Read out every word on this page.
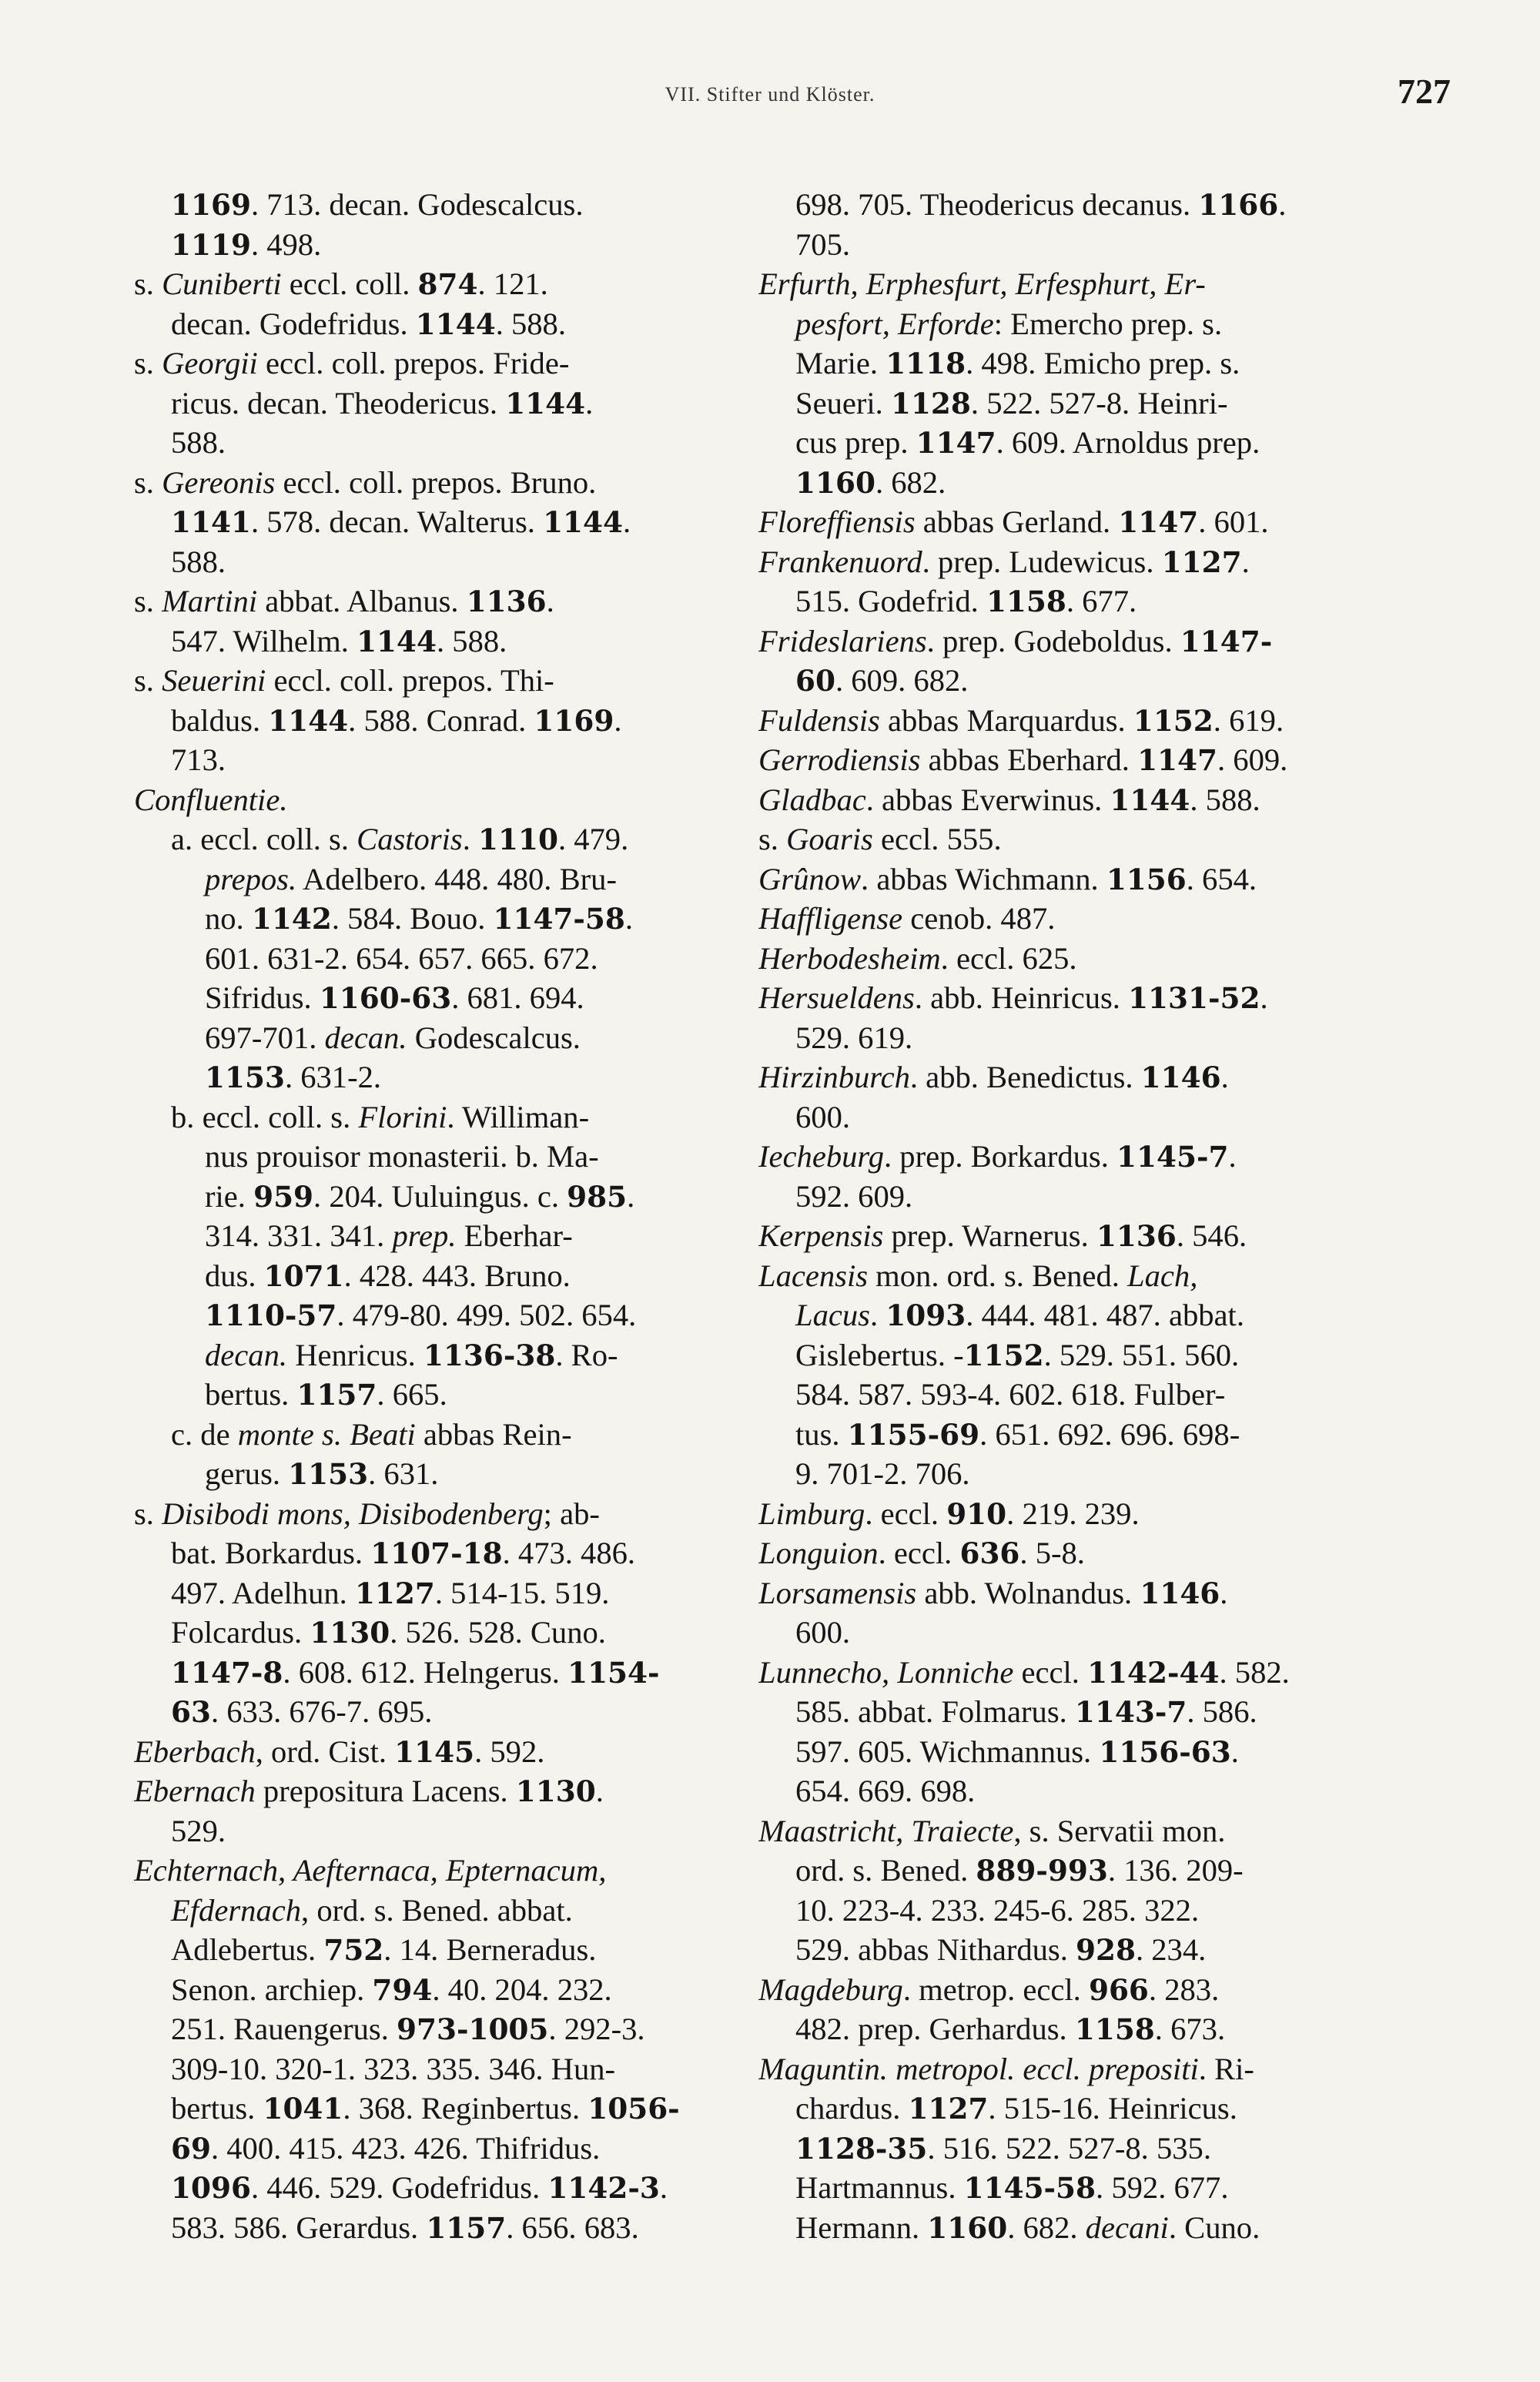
VII. Stifter und Klöster.	727
1169. 713. decan. Godescalcus.
1119. 498.
s. Cuniberti eccl. coll. 874. 121.
decan. Godefridus. 1144. 588.
s. Georgii eccl. coll. prepos. Fride-
ricus. decan. Theodericus. 1144.
588.
s. Gereonis eccl. coll. prepos. Bruno.
1141. 578. decan. Walterus. 1144.
588.
s. Martini abbat. Albanus. 1136.
547. Wilhelm. 1144. 588.
s. Seuerini eccl. coll. prepos. Thi-
baldus. 1144. 588. Conrad. 1169.
713.
Confluentie.
a. eccl. coll. s. Castoris. 1110. 479.
prepos. Adelbero. 448. 480. Bru-
no. 1142. 584. Bouo. 1147-58.
601. 631-2. 654. 657. 665. 672.
Sifridus. 1160-63. 681. 694.
697-701. decan. Godescalcus.
1153. 631-2.
b. eccl. coll. s. Florini. Williman-
nus prouisor monasterii. b. Ma-
rie. 959. 204. Uuluingus. c. 985.
314. 331. 341. prep. Eberhar-
dus. 1071. 428. 443. Bruno.
1110-57. 479-80. 499. 502. 654.
decan. Henricus. 1136-38. Ro-
bertus. 1157. 665.
c. de monte s. Beati abbas Rein-
gerus. 1153. 631.
s. Disibodi mons, Disibodenberg; ab-
bat. Borkardus. 1107-18. 473. 486.
497. Adelhun. 1127. 514-15. 519.
Folcardus. 1130. 526. 528. Cuno.
1147-8. 608. 612. Helngerus. 1154-
63. 633. 676-7. 695.
Eberbach, ord. Cist. 1145. 592.
Ebernach prepositura Lacens. 1130.
529.
Echternach, Aefternaca, Epternacum,
Efdernach, ord. s. Bened. abbat.
Adlebertus. 752. 14. Berneradus.
Senon. archiep. 794. 40. 204. 232.
251. Rauengerus. 973-1005. 292-3.
309-10. 320-1. 323. 335. 346. Hun-
bertus. 1041. 368. Reginbertus. 1056-
69. 400. 415. 423. 426. Thifridus.
1096. 446. 529. Godefridus. 1142-3.
583. 586. Gerardus. 1157. 656. 683.
698. 705. Theodericus decanus. 1166.
705.
Erfurth, Erphesfurt, Erfesphurt, Er-
pesfort, Erforde: Emercho prep. s.
Marie. 1118. 498. Emicho prep. s.
Seueri. 1128. 522. 527-8. Heinri-
cus prep. 1147. 609. Arnoldus prep.
1160. 682.
Floreffiensis abbas Gerland. 1147. 601.
Frankenuord. prep. Ludewicus. 1127.
515. Godefrid. 1158. 677.
Frideslariens. prep. Godeboldus. 1147-
60. 609. 682.
Fuldensis abbas Marquardus. 1152. 619.
Gerrodiensis abbas Eberhard. 1147. 609.
Gladbac. abbas Everwinus. 1144. 588.
s. Goaris eccl. 555.
Grûnow. abbas Wichmann. 1156. 654.
Haffligense cenob. 487.
Herbodesheim. eccl. 625.
Hersueldens. abb. Heinricus. 1131-52.
529. 619.
Hirzinburch. abb. Benedictus. 1146.
600.
Iecheburg. prep. Borkardus. 1145-7.
592. 609.
Kerpensis prep. Warnerus. 1136. 546.
Lacensis mon. ord. s. Bened. Lach,
Lacus. 1093. 444. 481. 487. abbat.
Gislebertus. -1152. 529. 551. 560.
584. 587. 593-4. 602. 618. Fulber-
tus. 1155-69. 651. 692. 696. 698-
9. 701-2. 706.
Limburg. eccl. 910. 219. 239.
Longuion. eccl. 636. 5-8.
Lorsamensis abb. Wolnandus. 1146.
600.
Lunnecho, Lonniche eccl. 1142-44. 582.
585. abbat. Folmarus. 1143-7. 586.
597. 605. Wichmannus. 1156-63.
654. 669. 698.
Maastricht, Traiecte, s. Servatii mon.
ord. s. Bened. 889-993. 136. 209-
10. 223-4. 233. 245-6. 285. 322.
529. abbas Nithardus. 928. 234.
Magdeburg. metrop. eccl. 966. 283.
482. prep. Gerhardus. 1158. 673.
Maguntin. metropol. eccl. prepositi. Ri-
chardus. 1127. 515-16. Heinricus.
1128-35. 516. 522. 527-8. 535.
Hartmannus. 1145-58. 592. 677.
Hermann. 1160. 682. decani. Cuno.
